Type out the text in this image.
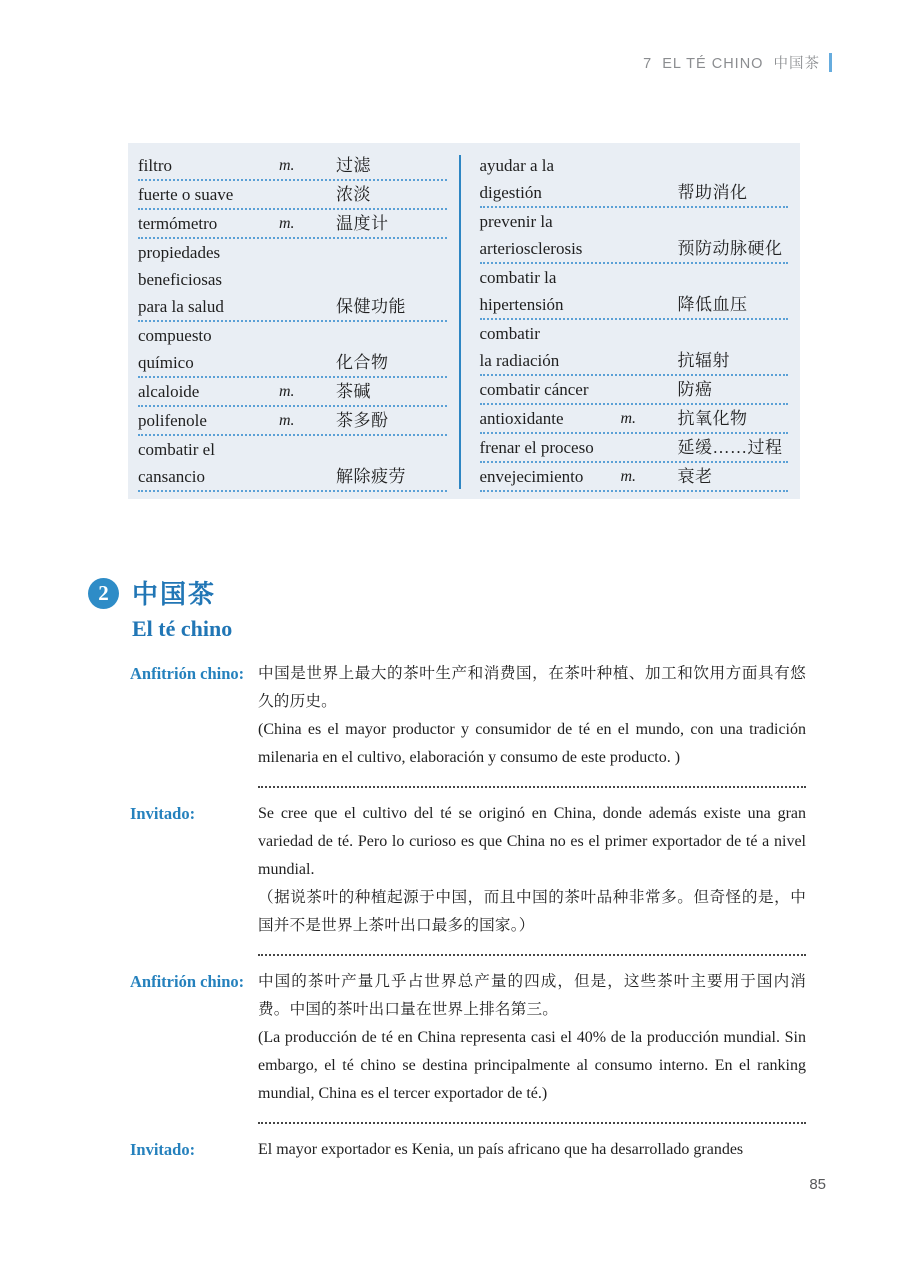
7  EL TÉ CHINO  中国茶
filtro	m.	过滤
fuerte o suave	浓淡
termómetro	m.	温度计
propiedades
beneficiosas
para la salud	保健功能
compuesto
químico	化合物
alcaloide	m.	茶碱
polifenole	m.	茶多酚
combatir el
cansancio	解除疲劳
ayudar a la
digestión	帮助消化
prevenir la
arteriosclerosis	预防动脉硬化
combatir la
hipertensión	降低血压
combatir
la radiación	抗辐射
combatir cáncer	防癌
antioxidante	m.	抗氧化物
frenar el proceso	延缓……过程
envejecimiento	m.	衰老
2 中国茶
El té chino
Anfitrión chino: 中国是世界上最大的茶叶生产和消费国，在茶叶种植、加工和饮用方面具有悠久的历史。

(China es el mayor productor y consumidor de té en el mundo, con una tradición milenaria en el cultivo, elaboración y consumo de este producto. )

Invitado:	Se cree que el cultivo del té se originó en China, donde además existe una gran variedad de té. Pero lo curioso es que China no es el primer exportador de té a nivel mundial.

（据说茶叶的种植起源于中国，而且中国的茶叶品种非常多。但奇怪的是，中国并不是世界上茶叶出口最多的国家。）

Anfitrión chino: 中国的茶叶产量几乎占世界总产量的四成，但是，这些茶叶主要用于国内消费。中国的茶叶出口量在世界上排名第三。

(La producción de té en China representa casi el 40% de la producción mundial. Sin embargo, el té chino se destina principalmente al consumo interno. En el ranking mundial, China es el tercer exportador de té.)

Invitado:	El mayor exportador es Kenia, un país africano que ha desarrollado grandes

85
